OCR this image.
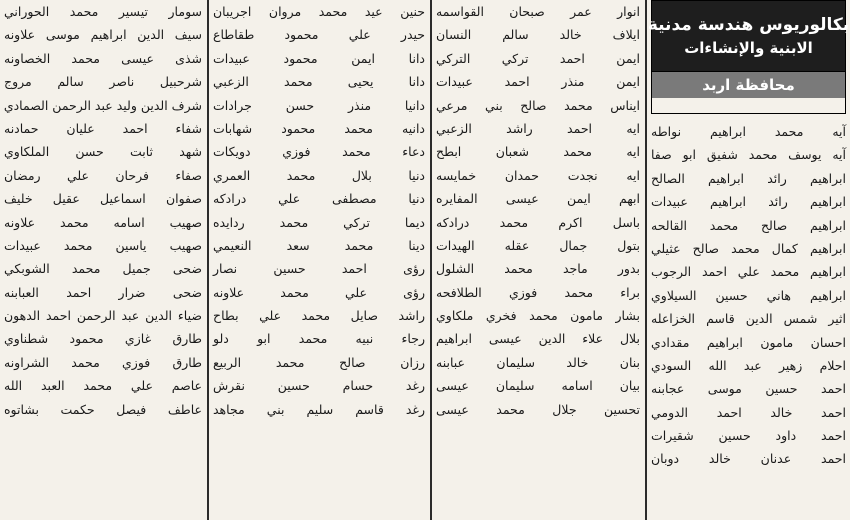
بكالوريوس هندسة مدنية
الابنية والإنشاءات
محافظة اربد
آيه محمد ابراهيم نواطه
آيه يوسف محمد شفيق ابو صفا
ابراهيم رائد ابراهيم الصالح
ابراهيم رائد ابراهيم عبيدات
ابراهيم صالح محمد القالحه
ابراهيم كمال محمد صالح عثيلي
ابراهيم محمد علي احمد الرجوب
ابراهيم هاني حسين السيلاوي
اثير شمس الدين قاسم الخزاعله
احسان مامون ابراهيم مقدادي
احلام زهير عبد الله السودي
احمد حسين موسى عجابنه
احمد خالد احمد الدومي
احمد داود حسين شقيرات
احمد عدنان خالد دوبان
انوار عمر صبحان القواسمه
ايلاف خالد سالم النسان
ايمن احمد تركي التركي
ايمن منذر احمد عبيدات
ايناس محمد صالح بني مرعي
ايه احمد راشد الزعبي
ايه محمد شعبان ابطح
ايه نجدت حمدان خمايسه
ابهم ايمن عيسى المفايره
باسل اكرم محمد درادكه
بتول جمال عقله الهيدات
بدور ماجد محمد الشلول
براء محمد فوزي الطلافحه
بشار مامون محمد فخري ملكاوي
بلال علاء الدين عيسى ابراهيم
بنان خالد سليمان عبابنه
بيان اسامه سليمان عيسى
تحسين جلال محمد عيسى
حنين عيد محمد مروان اجريبان
حيدر علي محمود طقاطاع
دانا ايمن محمود عبيدات
دانا يحيى محمد الزعبي
دانيا منذر حسن جرادات
دانيه محمد محمود شهابات
دعاء محمد فوزي دويكات
دنيا بلال محمد العمري
دنيا مصطفى علي درادكه
ديما تركي محمد ردايده
دينا محمد سعد النعيمي
رؤى احمد حسين نصار
رؤى علي محمد علاونه
راشد صايل محمد علي بطاح
رجاء نبيه محمد ابو دلو
رزان صالح محمد الربيع
رغد حسام حسين نقرش
رغد قاسم سليم بني مجاهد
سومار تيسير محمد الحوراني
سيف الدين ابراهيم موسى علاونه
شذى عيسى محمد الخصاونه
شرحبيل ناصر سالم مروج
شرف الدين وليد عبد الرحمن الصمادي
شفاء احمد عليان حمادنه
شهد ثابت حسن الملكاوي
صفاء فرحان علي رمضان
صفوان اسماعيل عقيل خليف
صهيب اسامه محمد علاونه
صهيب ياسين محمد عبيدات
ضحى جميل محمد الشوبكي
ضحى ضرار احمد العبابنه
ضياء الدين عبد الرحمن احمد الدهون
طارق غازي محمود شطناوي
طارق فوزي محمد الشراونه
عاصم علي محمد العبد الله
عاطف فيصل حكمت بشاتوه
